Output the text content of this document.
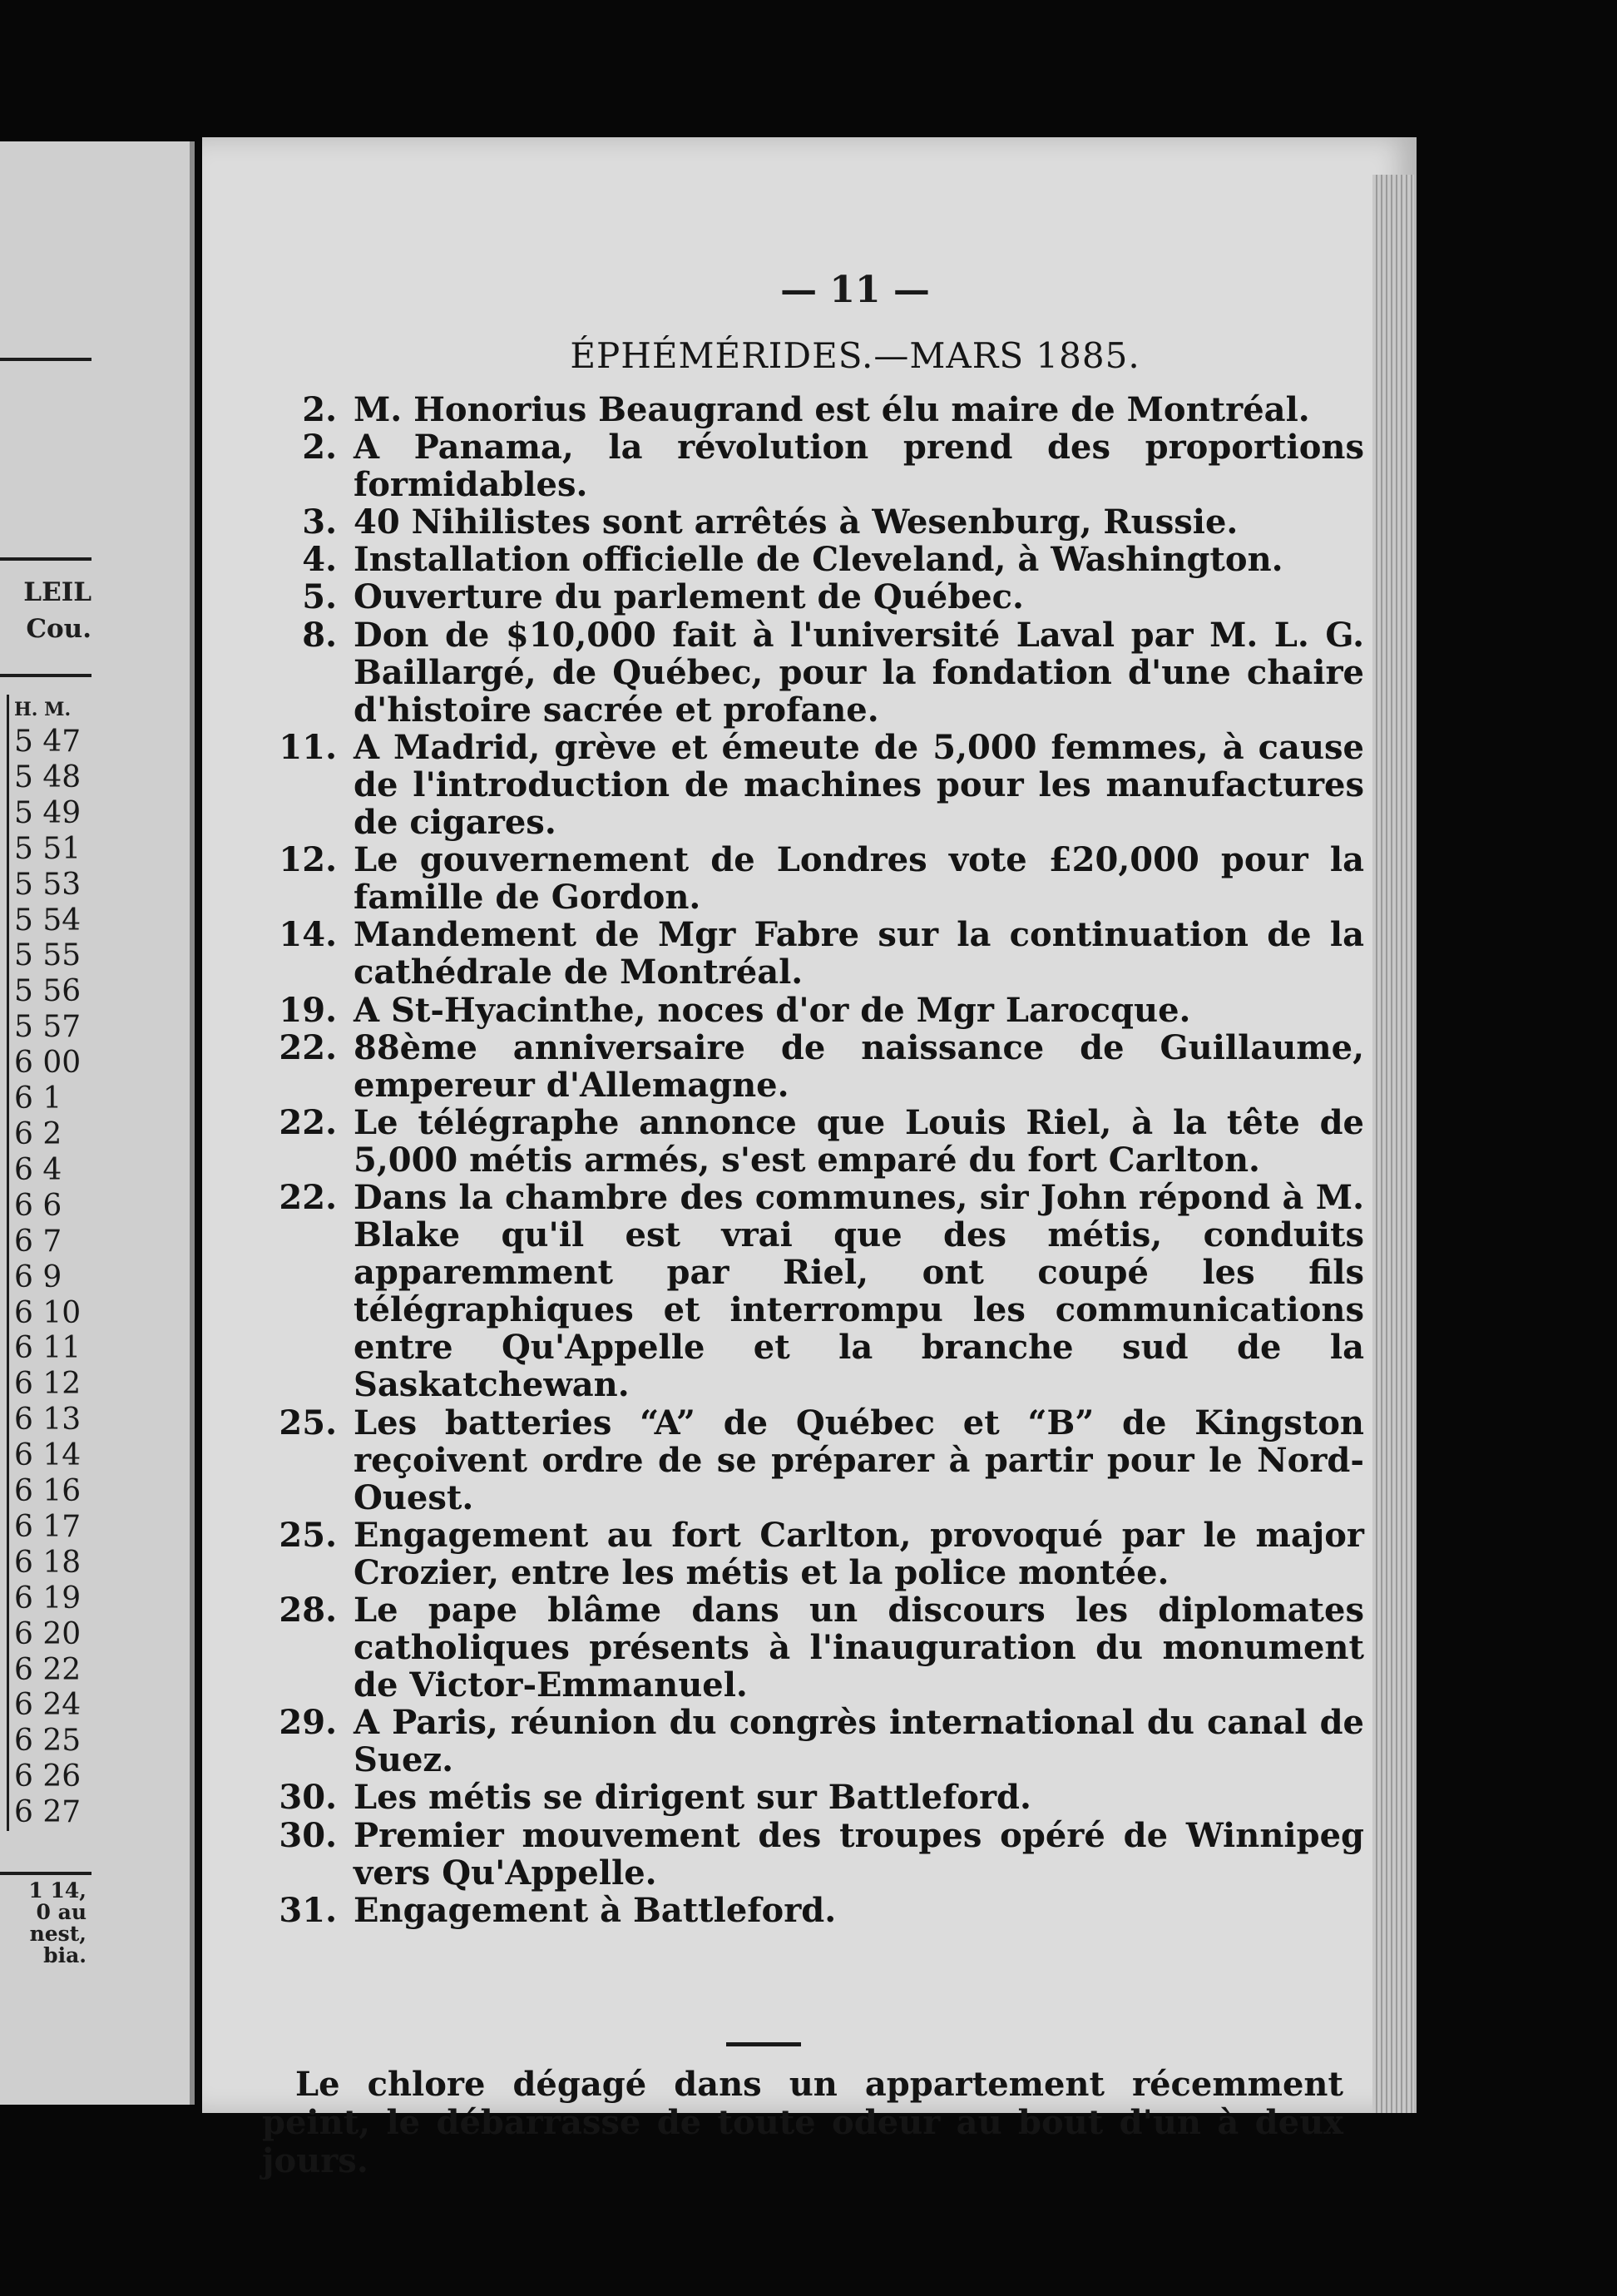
LEIL
Cou.
H. M.
5 47
5 48
5 49
5 51
5 53
5 54
5 55
5 56
5 57
6 00
6 1
6 2
6 4
6 6
6 7
6 9
6 10
6 11
6 12
6 13
6 14
6 16
6 17
6 18
6 19
6 20
6 22
6 24
6 25
6 26
6 27
1 14,
0 au
nest,
bia.
— 11 —
ÉPHÉMÉRIDES.—MARS 1885.
2. M. Honorius Beaugrand est élu maire de Montréal.
2. A Panama, la révolution prend des proportions formidables.
3. 40 Nihilistes sont arrêtés à Wesenburg, Russie.
4. Installation officielle de Cleveland, à Washington.
5. Ouverture du parlement de Québec.
8. Don de $10,000 fait à l'université Laval par M. L. G. Baillargé, de Québec, pour la fondation d'une chaire d'histoire sacrée et profane.
11. A Madrid, grève et émeute de 5,000 femmes, à cause de l'introduction de machines pour les manufactures de cigares.
12. Le gouvernement de Londres vote £20,000 pour la famille de Gordon.
14. Mandement de Mgr Fabre sur la continuation de la cathédrale de Montréal.
19. A St-Hyacinthe, noces d'or de Mgr Larocque.
22. 88ème anniversaire de naissance de Guillaume, empereur d'Allemagne.
22. Le télégraphe annonce que Louis Riel, à la tête de 5,000 métis armés, s'est emparé du fort Carlton.
22. Dans la chambre des communes, sir John répond à M. Blake qu'il est vrai que des métis, conduits apparemment par Riel, ont coupé les fils télégraphiques et interrompu les communications entre Qu'Appelle et la branche sud de la Saskatchewan.
25. Les batteries “A” de Québec et “B” de Kingston reçoivent ordre de se préparer à partir pour le Nord-Ouest.
25. Engagement au fort Carlton, provoqué par le major Crozier, entre les métis et la police montée.
28. Le pape blâme dans un discours les diplomates catholiques présents à l'inauguration du monument de Victor-Emmanuel.
29. A Paris, réunion du congrès international du canal de Suez.
30. Les métis se dirigent sur Battleford.
30. Premier mouvement des troupes opéré de Winnipeg vers Qu'Appelle.
31. Engagement à Battleford.
Le chlore dégagé dans un appartement récemment peint, le débarrasse de toute odeur au bout d'un à deux jours.
